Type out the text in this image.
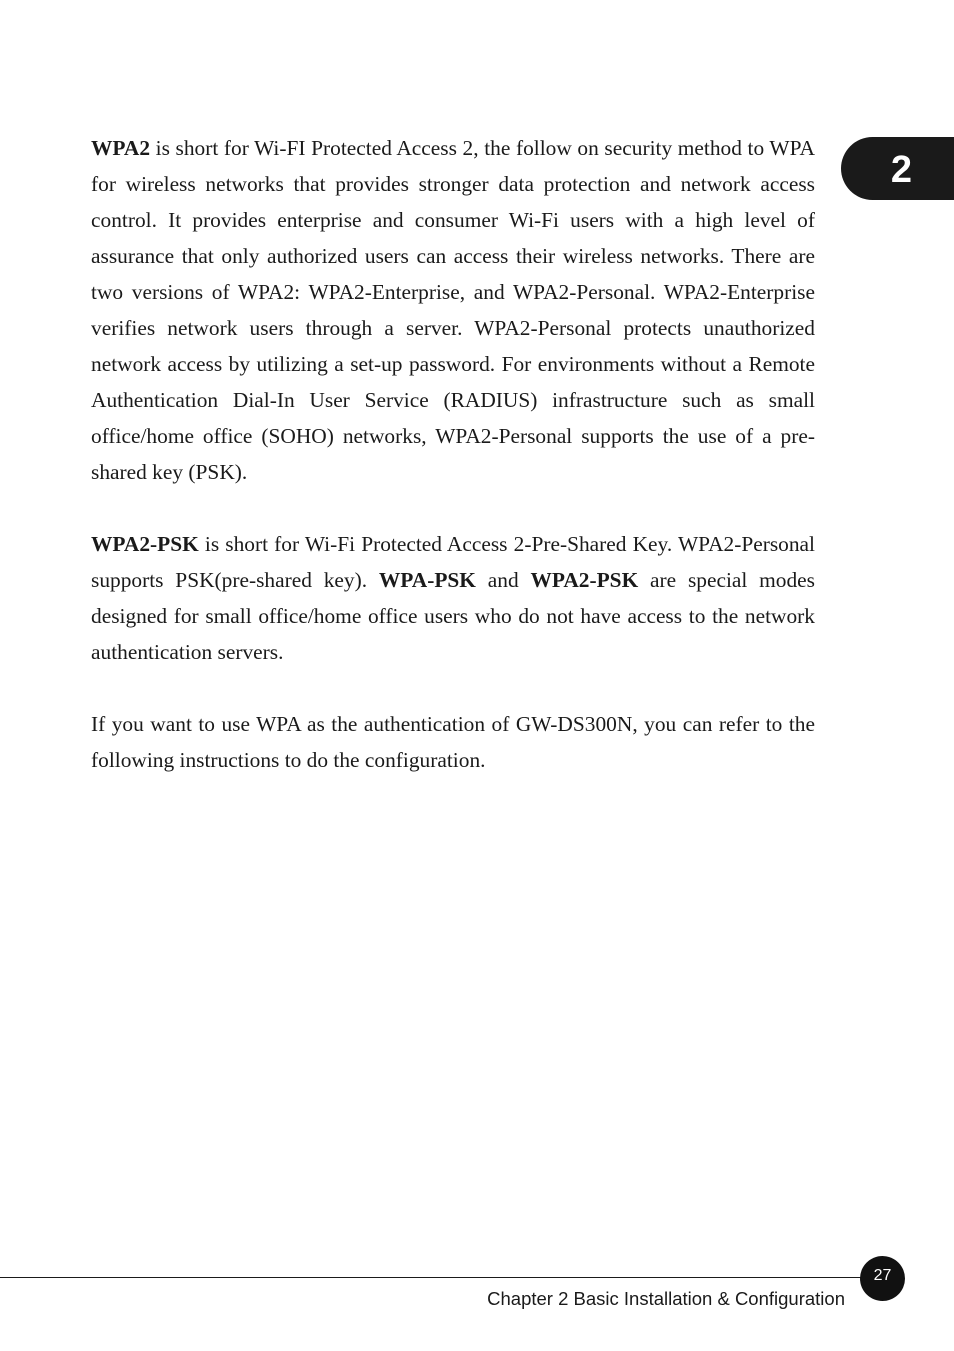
2

WPA2 is short for Wi-FI Protected Access 2, the follow on security method to WPA for wireless networks that provides stronger data protection and network access control. It provides enterprise and consumer Wi-Fi users with a high level of assurance that only authorized users can access their wireless networks. There are two versions of WPA2: WPA2-Enterprise, and WPA2-Personal. WPA2-Enterprise verifies network users through a server. WPA2-Personal protects unauthorized network access by utilizing a set-up password. For environments without a Remote Authentication Dial-In User Service (RADIUS) infrastructure such as small office/home office (SOHO) networks, WPA2-Personal supports the use of a pre-shared key (PSK).

WPA2-PSK is short for Wi-Fi Protected Access 2-Pre-Shared Key. WPA2-Personal supports PSK(pre-shared key). WPA-PSK and WPA2-PSK are special modes designed for small office/home office users who do not have access to the network authentication servers.

If you want to use WPA as the authentication of GW-DS300N, you can refer to the following instructions to do the configuration.

27
Chapter 2 Basic Installation & Configuration
